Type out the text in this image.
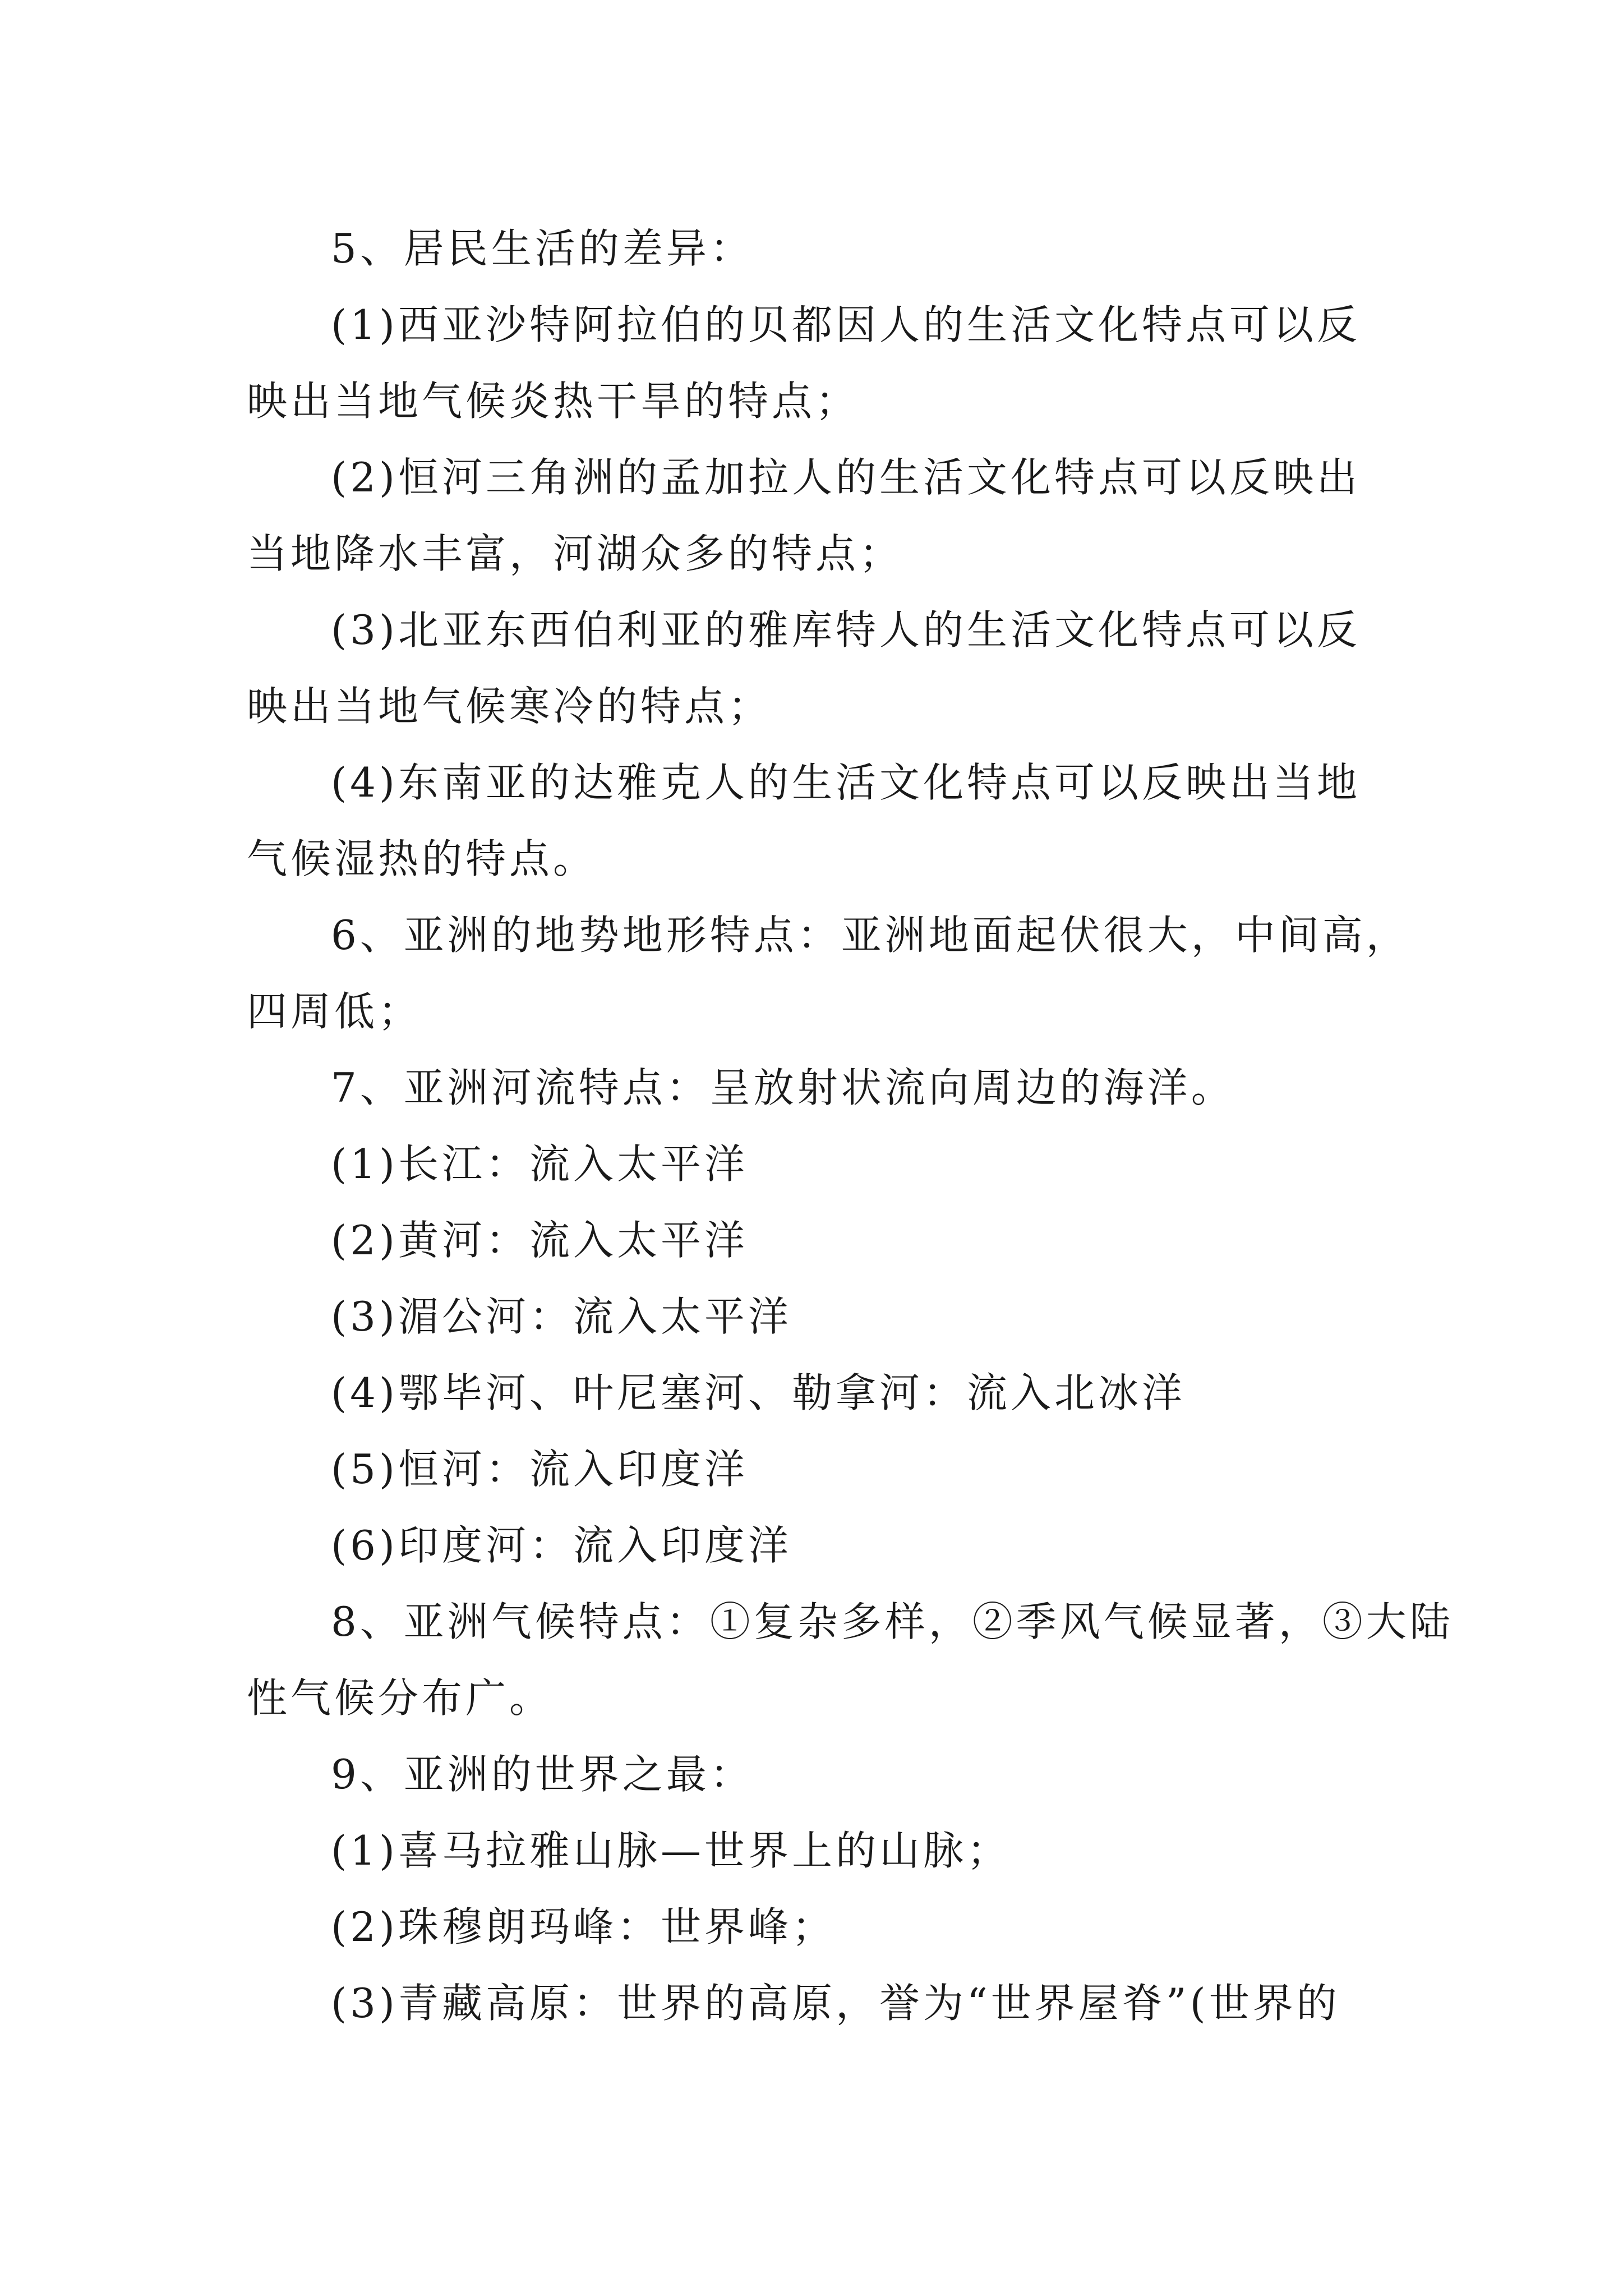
5、居民生活的差异：
(1)西亚沙特阿拉伯的贝都因人的生活文化特点可以反
映出当地气候炎热干旱的特点；
(2)恒河三角洲的孟加拉人的生活文化特点可以反映出
当地降水丰富，河湖众多的特点；
(3)北亚东西伯利亚的雅库特人的生活文化特点可以反
映出当地气候寒冷的特点；
(4)东南亚的达雅克人的生活文化特点可以反映出当地
气候湿热的特点。
6、亚洲的地势地形特点：亚洲地面起伏很大，中间高，
四周低；
7、亚洲河流特点：呈放射状流向周边的海洋。
(1)长江：流入太平洋
(2)黄河：流入太平洋
(3)湄公河：流入太平洋
(4)鄂毕河、叶尼塞河、勒拿河：流入北冰洋
(5)恒河：流入印度洋
(6)印度河：流入印度洋
8、亚洲气候特点：①复杂多样，②季风气候显著，③大陆
性气候分布广。
9、亚洲的世界之最：
(1)喜马拉雅山脉—世界上的山脉；
(2)珠穆朗玛峰：世界峰；
(3)青藏高原：世界的高原，誉为“世界屋脊”(世界的
